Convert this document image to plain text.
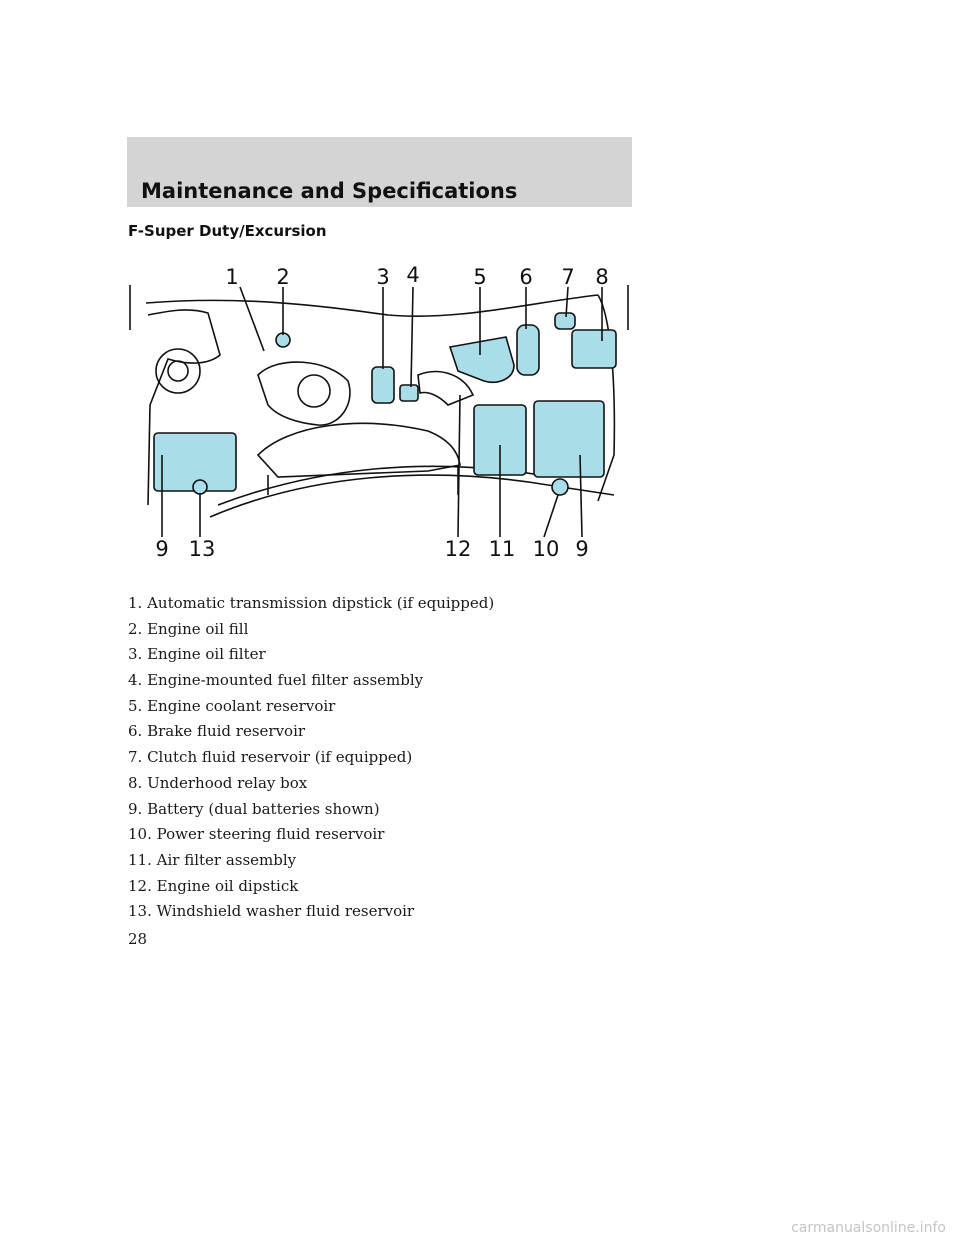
Maintenance and Specifications
F-Super Duty/Excursion
1 2	3 4	5 6 7 8
9 13	12 11 10 9
1. Automatic transmission dipstick (if equipped)
2. Engine oil fill
3. Engine oil filter
4. Engine-mounted fuel filter assembly
5. Engine coolant reservoir
6. Brake fluid reservoir
7. Clutch fluid reservoir (if equipped)
8. Underhood relay box
9. Battery (dual batteries shown)
10. Power steering fluid reservoir
11. Air filter assembly
12. Engine oil dipstick
13. Windshield washer fluid reservoir
28
carmanualsonline.info
